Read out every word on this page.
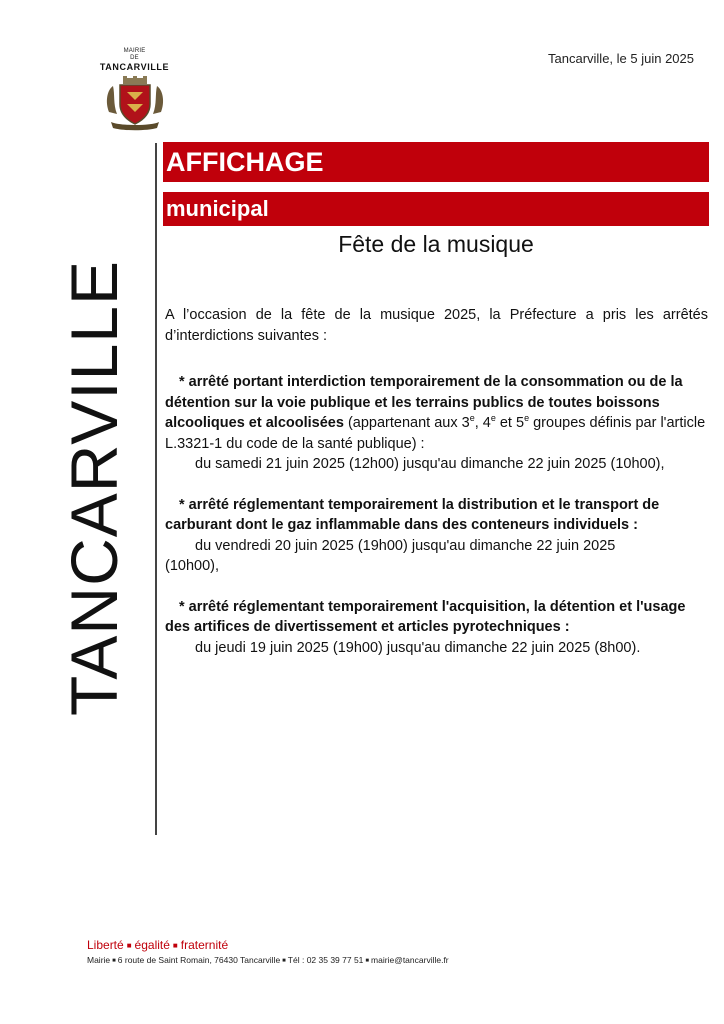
MAIRIE
DE
TANCARVILLE
Tancarville, le 5 juin 2025
TANCARVILLE
AFFICHAGE
municipal
Fête de la musique

A l’occasion de la fête de la musique 2025, la Préfecture a pris les arrêtés d’interdictions suivantes :

* arrêté portant interdiction temporairement de la consommation ou de la détention sur la voie publique et les terrains publics de toutes boissons alcooliques et alcoolisées (appartenant aux 3e, 4e et 5e groupes définis par l'article L.3321-1 du code de la santé publique) :
du samedi 21 juin 2025 (12h00) jusqu'au dimanche 22 juin 2025 (10h00),
* arrêté réglementant temporairement la distribution et le transport de carburant dont le gaz inflammable dans des conteneurs individuels :
du vendredi 20 juin 2025 (19h00) jusqu'au dimanche 22 juin 2025
(10h00),
* arrêté réglementant temporairement l'acquisition, la détention et l'usage des artifices de divertissement et articles pyrotechniques :
du jeudi 19 juin 2025 (19h00) jusqu'au dimanche 22 juin 2025 (8h00).

Liberté ■ égalité ■ fraternité

Mairie ■ 6 route de Saint Romain, 76430 Tancarville ■ Tél : 02 35 39 77 51 ■ mairie@tancarville.fr
